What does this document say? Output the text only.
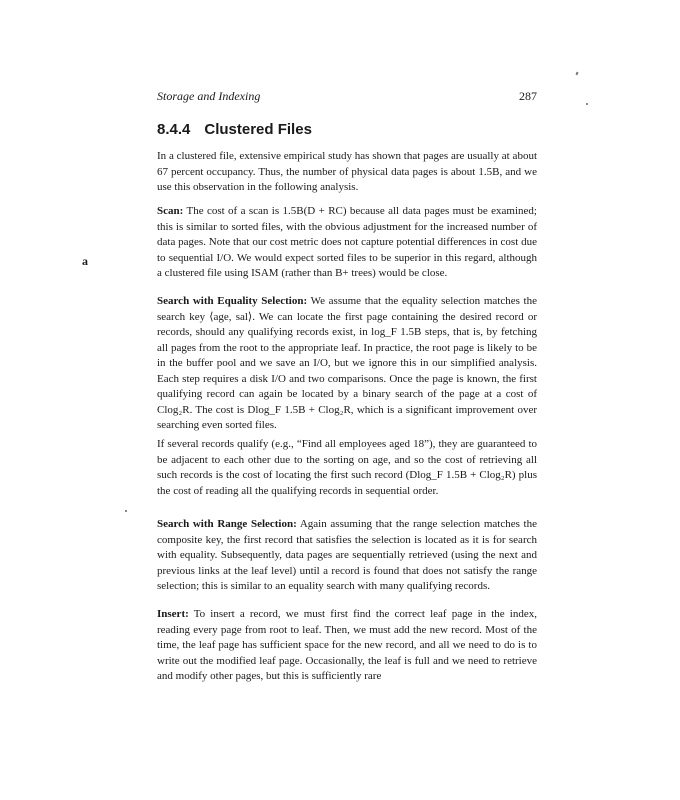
Storage and Indexing	287
8.4.4 Clustered Files

In a clustered file, extensive empirical study has shown that pages are usually at about 67 percent occupancy. Thus, the number of physical data pages is about 1.5B, and we use this observation in the following analysis.

Scan: The cost of a scan is 1.5B(D + RC) because all data pages must be examined; this is similar to sorted files, with the obvious adjustment for the increased number of data pages. Note that our cost metric does not capture potential differences in cost due to sequential I/O. We would expect sorted files to be superior in this regard, although a clustered file using ISAM (rather than B+ trees) would be close.

Search with Equality Selection: We assume that the equality selection matches the search key ⟨age, sal⟩. We can locate the first page containing the desired record or records, should any qualifying records exist, in log_F 1.5B steps, that is, by fetching all pages from the root to the appropriate leaf. In practice, the root page is likely to be in the buffer pool and we save an I/O, but we ignore this in our simplified analysis. Each step requires a disk I/O and two comparisons. Once the page is known, the first qualifying record can again be located by a binary search of the page at a cost of Clog₂R. The cost is Dlog_F 1.5B + Clog₂R, which is a significant improvement over searching even sorted files.

If several records qualify (e.g., “Find all employees aged 18”), they are guaranteed to be adjacent to each other due to the sorting on age, and so the cost of retrieving all such records is the cost of locating the first such record (Dlog_F 1.5B + Clog₂R) plus the cost of reading all the qualifying records in sequential order.

Search with Range Selection: Again assuming that the range selection matches the composite key, the first record that satisfies the selection is located as it is for search with equality. Subsequently, data pages are sequentially retrieved (using the next and previous links at the leaf level) until a record is found that does not satisfy the range selection; this is similar to an equality search with many qualifying records.

Insert: To insert a record, we must first find the correct leaf page in the index, reading every page from root to leaf. Then, we must add the new record. Most of the time, the leaf page has sufficient space for the new record, and all we need to do is to write out the modified leaf page. Occasionally, the leaf is full and we need to retrieve and modify other pages, but this is sufficiently rare

a
